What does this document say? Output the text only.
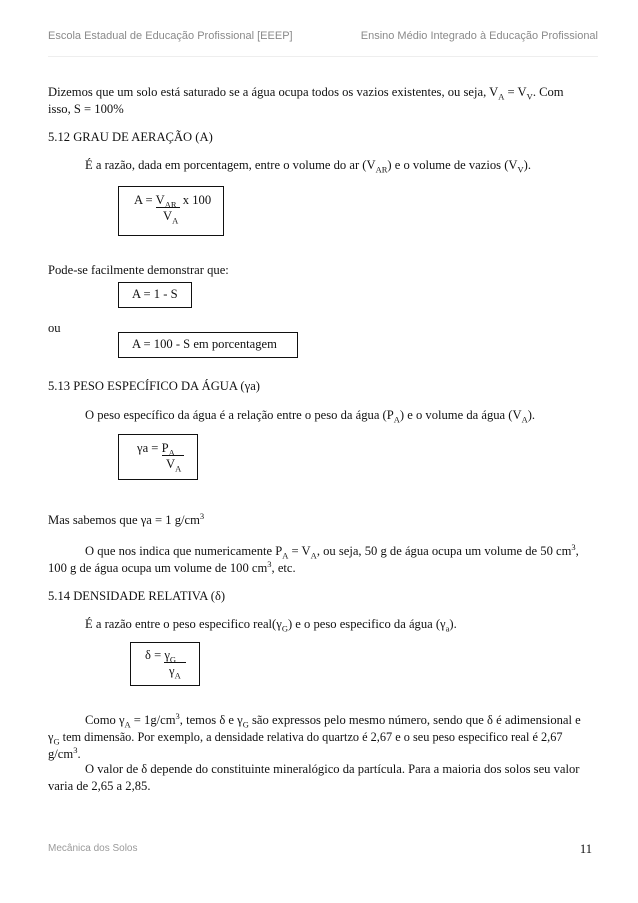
Escola Estadual de Educação Profissional [EEEP]	Ensino Médio Integrado à Educação Profissional
Dizemos que um solo está saturado se a água ocupa todos os vazios existentes, ou seja, $V_A = V_V$. Com
isso, S = 100%
5.12 GRAU DE AERAÇÃO (A)
É a razão, dada em porcentagem, entre o volume do ar $(V_{AR})$ e o volume de vazios $(V_V)$.
$A = V_{AR}$  x 100
$V_A$
Pode-se facilmente demonstrar que:
A = 1 - S
ou
A = 100 - S em porcentagem
5.13 PESO ESPECÍFICO DA ÁGUA (γa)
O peso específico da água é a relação entre o peso da água $(P_A)$ e o volume da água $(V_A)$.
$\gamma a = P_A$
$V_A$
Mas sabemos que γa = 1 $g/cm^3$
O que nos indica que numericamente $P_A = V_A$, ou seja, 50 g de água ocupa um volume de 50 $cm^3$,
100 g de água ocupa um volume de 100 $cm^3$, etc.
5.14 DENSIDADE RELATIVA (δ)
É a razão entre o peso especifico $real(\gamma_G)$ e o peso especifico da água $(\gamma_a)$.
$\delta = \gamma_G$
$\gamma_A$
Como $\gamma_A = 1g/cm^3$, temos δ e $\gamma_G$ são expressos pelo mesmo número, sendo que δ é adimensional e
$\gamma_G$ tem dimensão. Por exemplo, a densidade relativa do quartzo é 2,67 e o seu peso especifico real é 2,67
$g/cm^3$.
O valor de δ depende do constituinte mineralógico da partícula. Para a maioria dos solos seu valor
varia de 2,65 a 2,85.
Mecânica dos Solos	11
